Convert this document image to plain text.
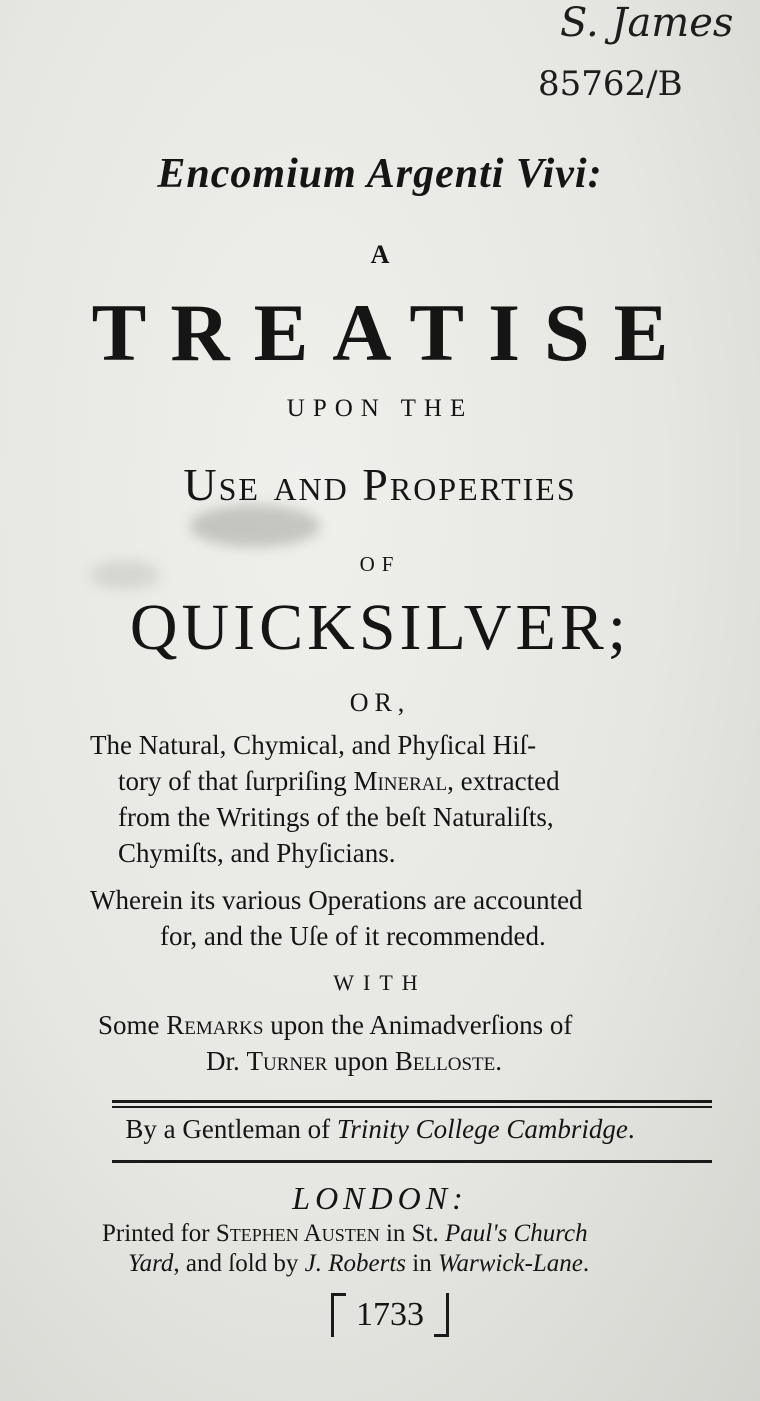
S. James
85762/B
Encomium Argenti Vivi:
A
TREATISE
UPON THE
Use and Properties
OF
QUICKSILVER;
OR,
The Natural, Chymical, and Phyſical Hiſ-
tory of that ſurpriſing Mineral, extracted
from the Writings of the beſt Naturaliſts,
Chymiſts, and Phyſicians.
Wherein its various Operations are accounted
for, and the Uſe of it recommended.
WITH
Some Remarks upon the Animadverſions of
Dr. Turner upon Belloste.
By a Gentleman of Trinity College Cambridge.
LONDON:
Printed for Stephen Austen in St. Paul's Church
Yard, and ſold by J. Roberts in Warwick-Lane.
1733
